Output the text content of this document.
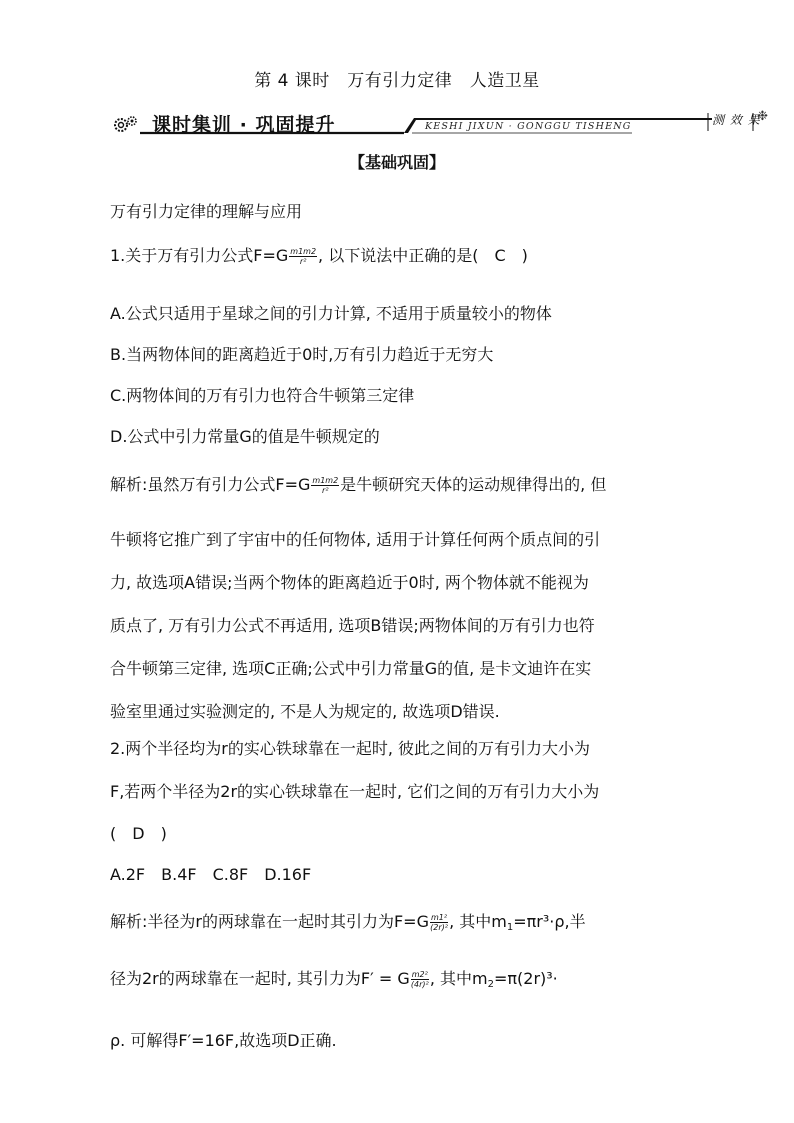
第 4 课时　万有引力定律　人造卫星
课时集训 · 巩固提升	KESHI JIXUN · GONGGU TISHENG	测 效 果
❉
【基础巩固】
万有引力定律的理解与应用
1.关于万有引力公式$F=G \frac{m1m2}{\text{r²}}$ , 以下说法中正确的是(　C　)
A.公式只适用于星球之间的引力计算, 不适用于质量较小的物体
B.当两物体间的距离趋近于0时,万有引力趋近于无穷大
C.两物体间的万有引力也符合牛顿第三定律
D.公式中引力常量G的值是牛顿规定的
解析:虽然万有引力公式$F=G \frac{m1m2}{\text{r²}}$ 是牛顿研究天体的运动规律得出的, 但
牛顿将它推广到了宇宙中的任何物体, 适用于计算任何两个质点间的引
力, 故选项A错误;当两个物体的距离趋近于0时, 两个物体就不能视为
质点了, 万有引力公式不再适用, 选项B错误;两物体间的万有引力也符
合牛顿第三定律, 选项C正确;公式中引力常量G的值, 是卡文迪许在实
验室里通过实验测定的, 不是人为规定的, 故选项D错误.
2.两个半径均为r的实心铁球靠在一起时, 彼此之间的万有引力大小为
F,若两个半径为2r的实心铁球靠在一起时, 它们之间的万有引力大小为
(　D　)
A.2F　B.4F　C.8F　D.16F
解析:半径为r的两球靠在一起时其引力为$F=G \frac{\text{m1²}}{\text{(2r)²}}$ , 其中$m_1=\pi r^3\cdot\rho$,半
径为2r的两球靠在一起时, 其引力为F′ = G $\frac{\text{m2²}}{\text{(4r)²}}$ , 其中$m_2=\pi(2r)^3\cdot$
ρ. 可解得F′=16F,故选项D正确.
